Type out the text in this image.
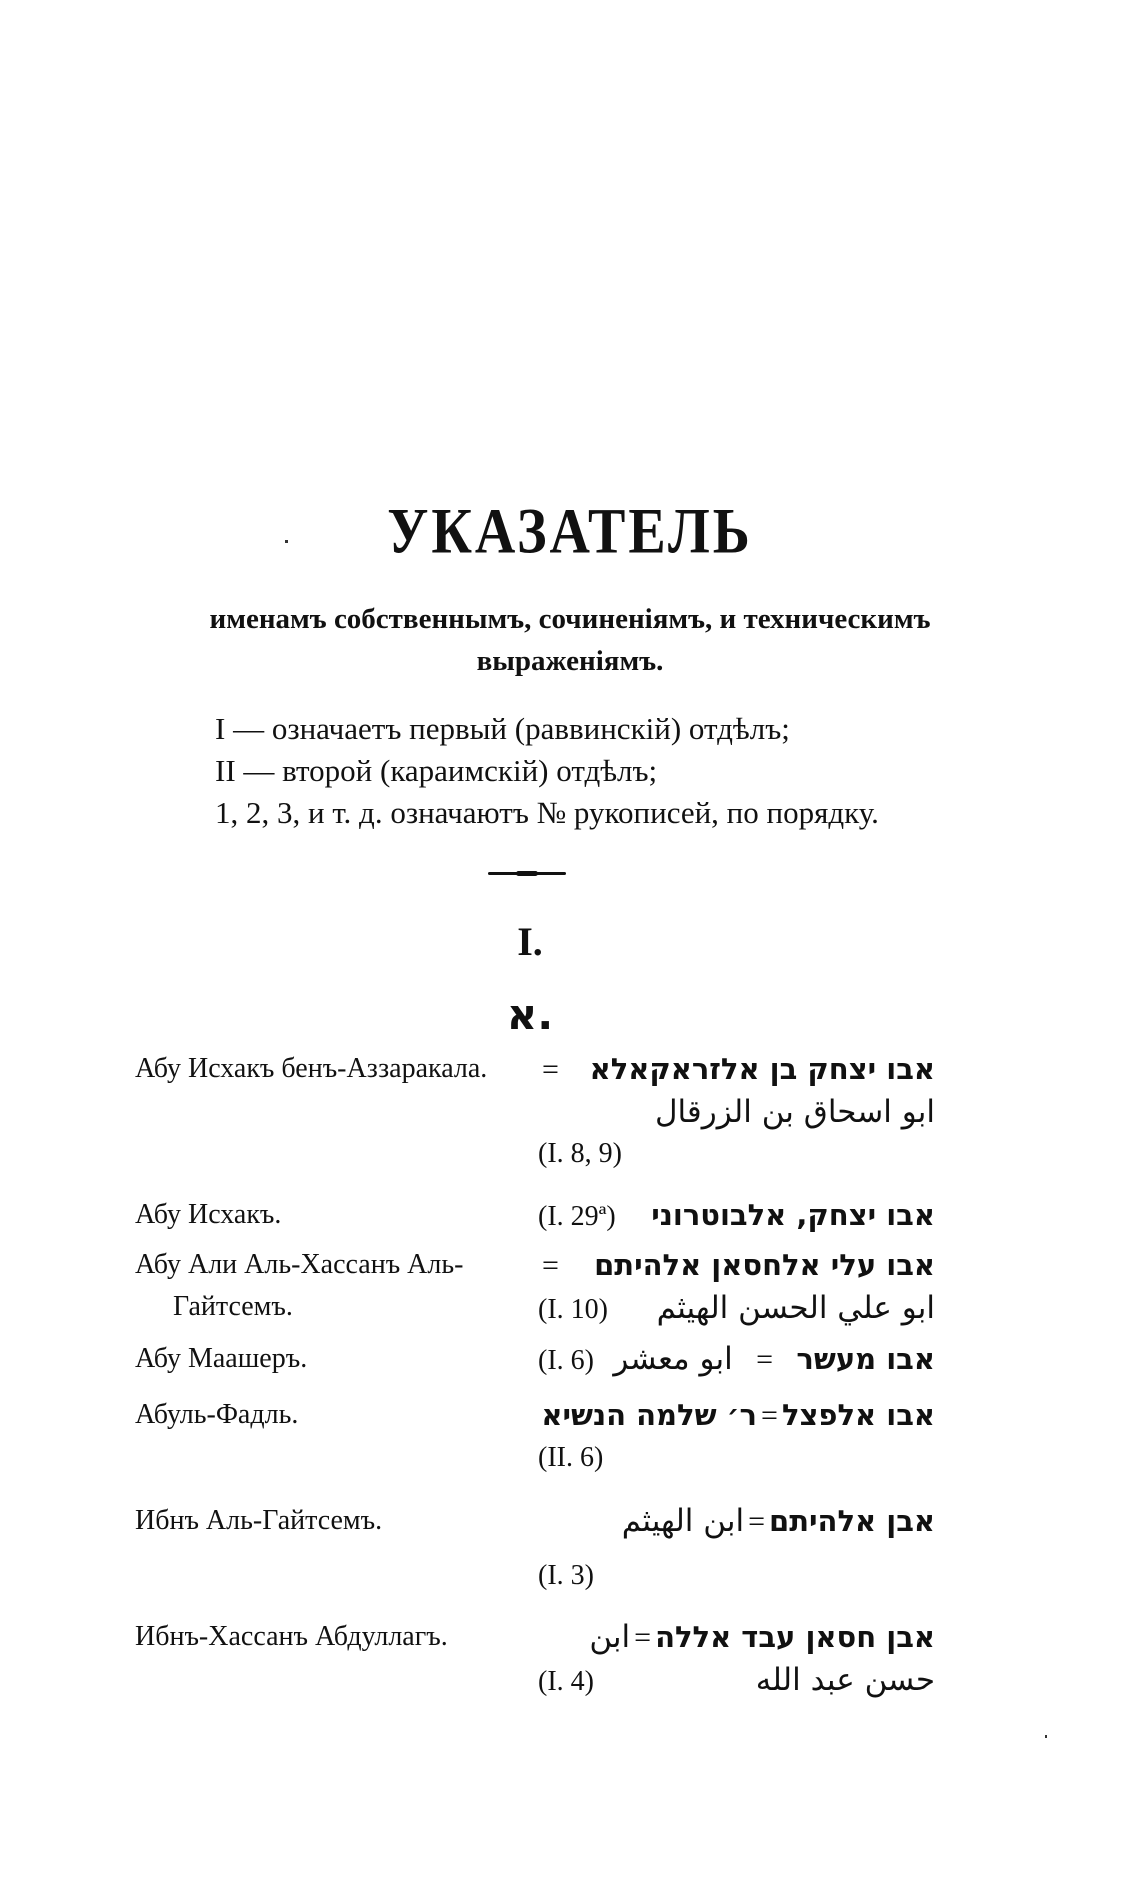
УКАЗАТЕЛЬ
именамъ собственнымъ, сочиненіямъ, и техническимъ
выраженіямъ.
I — означаетъ первый (раввинскій) отдѣлъ;
II — второй (караимскій) отдѣлъ;
1, 2, 3, и т. д. означаютъ № рукописей, по порядку.
I.
א.
Абу Исхакъ бенъ-Аззаракала.	= אבו יצחק בן אלזראקאלא
ابو اسحاق بن الزرقال
(I. 8, 9)
Абу Исхакъ.	(I. 29ª) אבו יצחק, אלבוטרוני
Абу Али Аль-Хассанъ Аль-
Гайтсемъ.
= אבו עלי אלחסאן אלהיתם
(I. 10) ابو علي الحسن الهيثم
Абу Маашеръ.	(I. 6) ابو معشر = אבו מעשר
Абуль-Фадль.	ר׳ שלמה הנשיא = אבו אלפצל
(II. 6)
Ибнъ Аль-Гайтсемъ.	ابن الهيثم = אבן אלהיתם
(I. 3)
Ибнъ-Хассанъ Абдуллагъ.	ابن = אבן חסאן עבד אללה
(I. 4)	حسن عبد الله
